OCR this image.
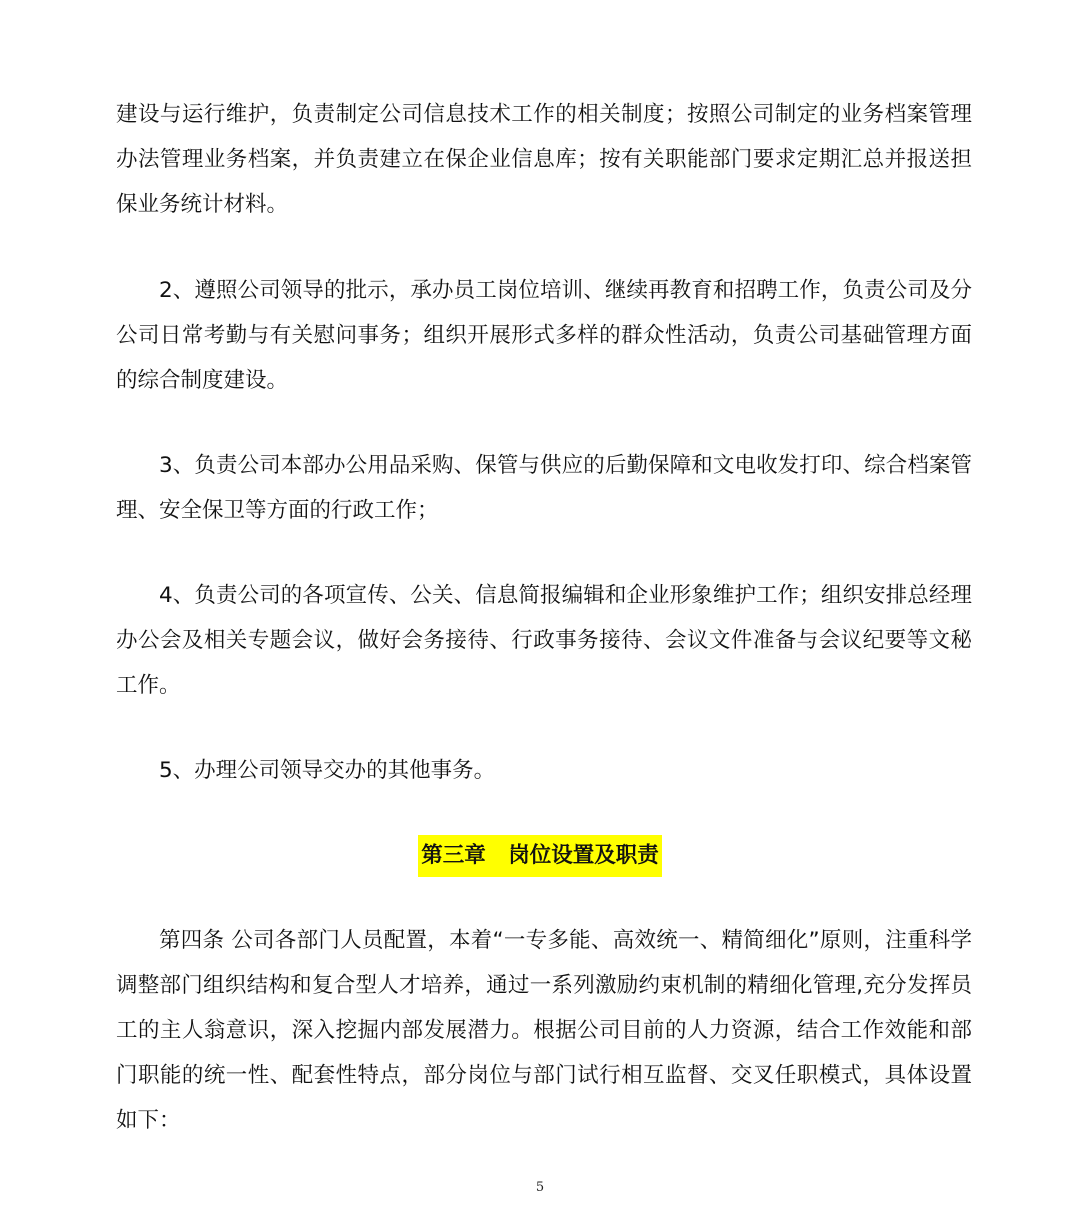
建设与运行维护，负责制定公司信息技术工作的相关制度；按照公司制定的业务档案管理办法管理业务档案，并负责建立在保企业信息库；按有关职能部门要求定期汇总并报送担保业务统计材料。

2、遵照公司领导的批示，承办员工岗位培训、继续再教育和招聘工作，负责公司及分公司日常考勤与有关慰问事务；组织开展形式多样的群众性活动，负责公司基础管理方面的综合制度建设。

3、负责公司本部办公用品采购、保管与供应的后勤保障和文电收发打印、综合档案管理、安全保卫等方面的行政工作；

4、负责公司的各项宣传、公关、信息简报编辑和企业形象维护工作；组织安排总经理办公会及相关专题会议，做好会务接待、行政事务接待、会议文件准备与会议纪要等文秘工作。

5、办理公司领导交办的其他事务。

第三章   岗位设置及职责

第四条 公司各部门人员配置，本着“一专多能、高效统一、精简细化”原则，注重科学调整部门组织结构和复合型人才培养，通过一系列激励约束机制的精细化管理,充分发挥员工的主人翁意识，深入挖掘内部发展潜力。根据公司目前的人力资源，结合工作效能和部门职能的统一性、配套性特点，部分岗位与部门试行相互监督、交叉任职模式，具体设置如下：

5
